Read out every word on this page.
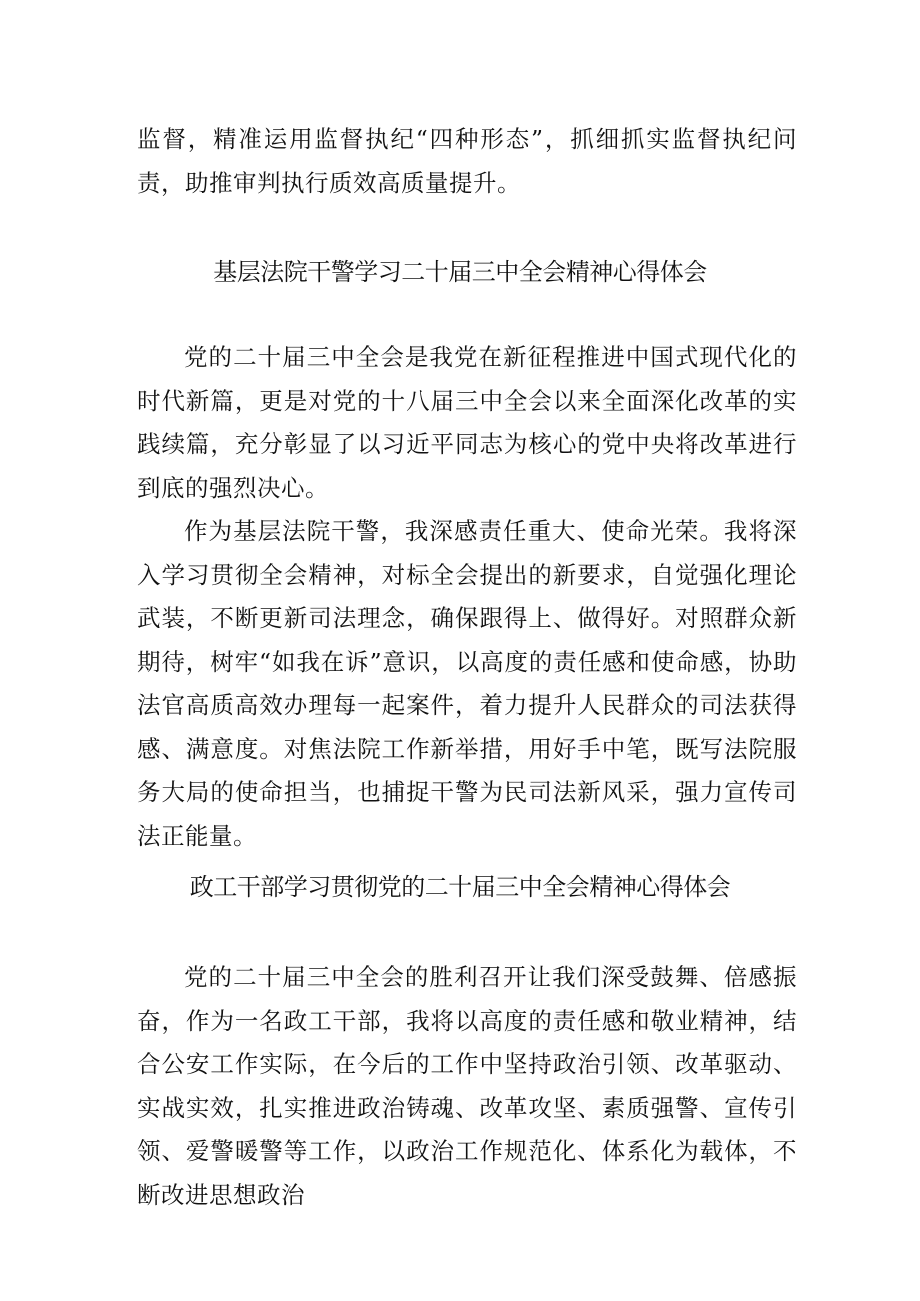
监督，精准运用监督执纪“四种形态”，抓细抓实监督执纪问责，助推审判执行质效高质量提升。

基层法院干警学习二十届三中全会精神心得体会

党的二十届三中全会是我党在新征程推进中国式现代化的时代新篇，更是对党的十八届三中全会以来全面深化改革的实践续篇，充分彰显了以习近平同志为核心的党中央将改革进行到底的强烈决心。

作为基层法院干警，我深感责任重大、使命光荣。我将深入学习贯彻全会精神，对标全会提出的新要求，自觉强化理论武装，不断更新司法理念，确保跟得上、做得好。对照群众新期待，树牢“如我在诉”意识，以高度的责任感和使命感，协助法官高质高效办理每一起案件，着力提升人民群众的司法获得感、满意度。对焦法院工作新举措，用好手中笔，既写法院服务大局的使命担当，也捕捉干警为民司法新风采，强力宣传司法正能量。

政工干部学习贯彻党的二十届三中全会精神心得体会

党的二十届三中全会的胜利召开让我们深受鼓舞、倍感振奋，作为一名政工干部，我将以高度的责任感和敬业精神，结合公安工作实际，在今后的工作中坚持政治引领、改革驱动、实战实效，扎实推进政治铸魂、改革攻坚、素质强警、宣传引领、爱警暖警等工作，以政治工作规范化、体系化为载体，不断改进思想政治
